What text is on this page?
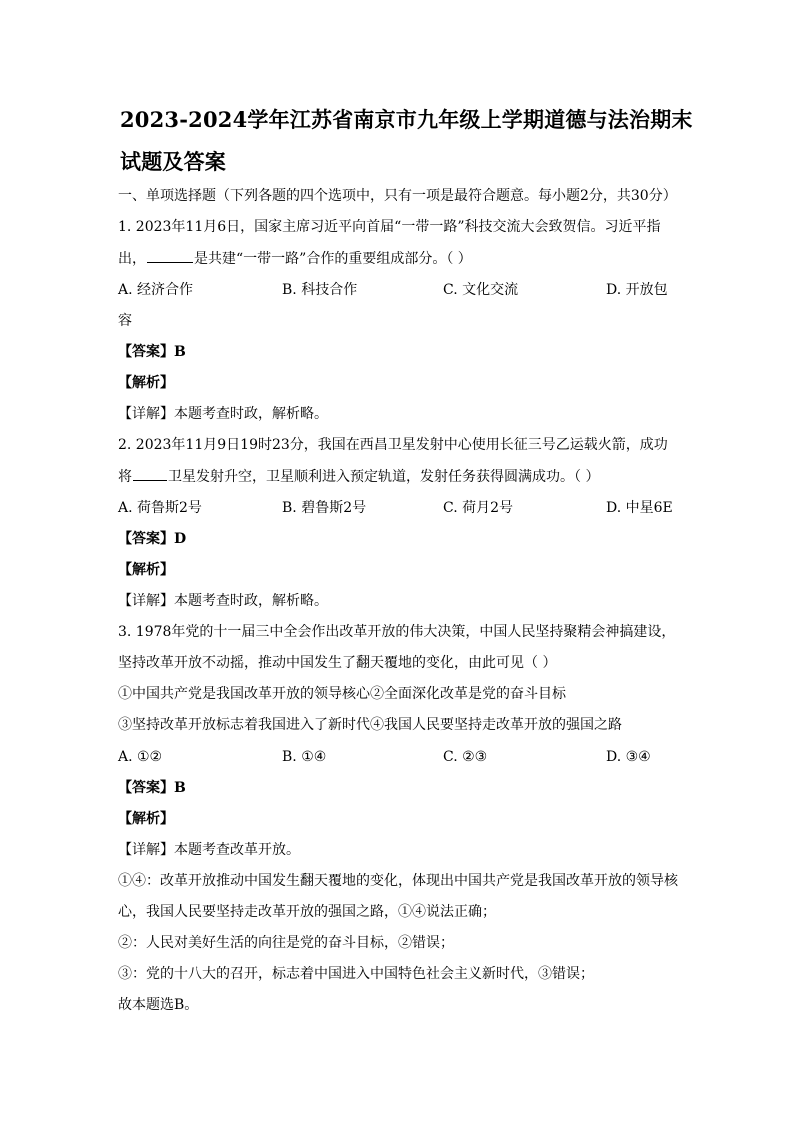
2023-2024学年江苏省南京市九年级上学期道德与法治期末
试题及答案
一、单项选择题（下列各题的四个选项中，只有一项是最符合题意。每小题2分，共30分）
1. 2023年11月6日，国家主席习近平向首届“一带一路”科技交流大会致贺信。习近平指
出，	是共建“一带一路”合作的重要组成部分。（ ）
A. 经济合作	B. 科技合作	C. 文化交流	D. 开放包
容
【答案】B
【解析】
【详解】本题考查时政，解析略。
2. 2023年11月9日19时23分，我国在西昌卫星发射中心使用长征三号乙运载火箭，成功
将	卫星发射升空，卫星顺利进入预定轨道，发射任务获得圆满成功。（ ）
A. 荷鲁斯2号	B. 碧鲁斯2号	C. 荷月2号	D. 中星6E
【答案】D
【解析】
【详解】本题考查时政，解析略。
3. 1978年党的十一届三中全会作出改革开放的伟大决策，中国人民坚持聚精会神搞建设，
坚持改革开放不动摇，推动中国发生了翻天覆地的变化，由此可见（ ）
①中国共产党是我国改革开放的领导核心②全面深化改革是党的奋斗目标
③坚持改革开放标志着我国进入了新时代④我国人民要坚持走改革开放的强国之路
A. ①②	B. ①④	C. ②③	D. ③④
【答案】B
【解析】
【详解】本题考查改革开放。
①④：改革开放推动中国发生翻天覆地的变化，体现出中国共产党是我国改革开放的领导核
心，我国人民要坚持走改革开放的强国之路，①④说法正确；
②：人民对美好生活的向往是党的奋斗目标，②错误；
③：党的十八大的召开，标志着中国进入中国特色社会主义新时代，③错误；
故本题选B。
